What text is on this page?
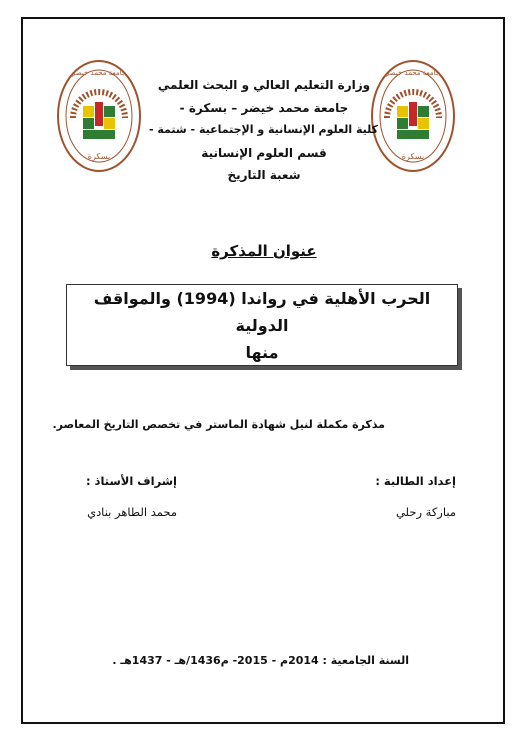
جامعة محمد خيضر
بسكرة
جامعة محمد خيضر
بسكرة
وزارة التعليم العالي و البحث العلمي
جامعة محمد خيضر – بسكرة -
كلية العلوم الإنسانية و الإجتماعية - شتمة -
قسم العلوم الإنسانية
شعبة التاريخ
عنوان المذكرة
الحرب الأهلية في رواندا (1994) والمواقف الدولية
منها
مذكرة مكملة لنيل شهادة الماستر في تخصص التاريخ المعاصر.
إعداد الطالبة :
مباركة رحلي
إشراف الأستاذ :
محمد الطاهر بنادي
السنة الجامعية : 2014م - 2015- م1436/هـ - 1437هـ .
